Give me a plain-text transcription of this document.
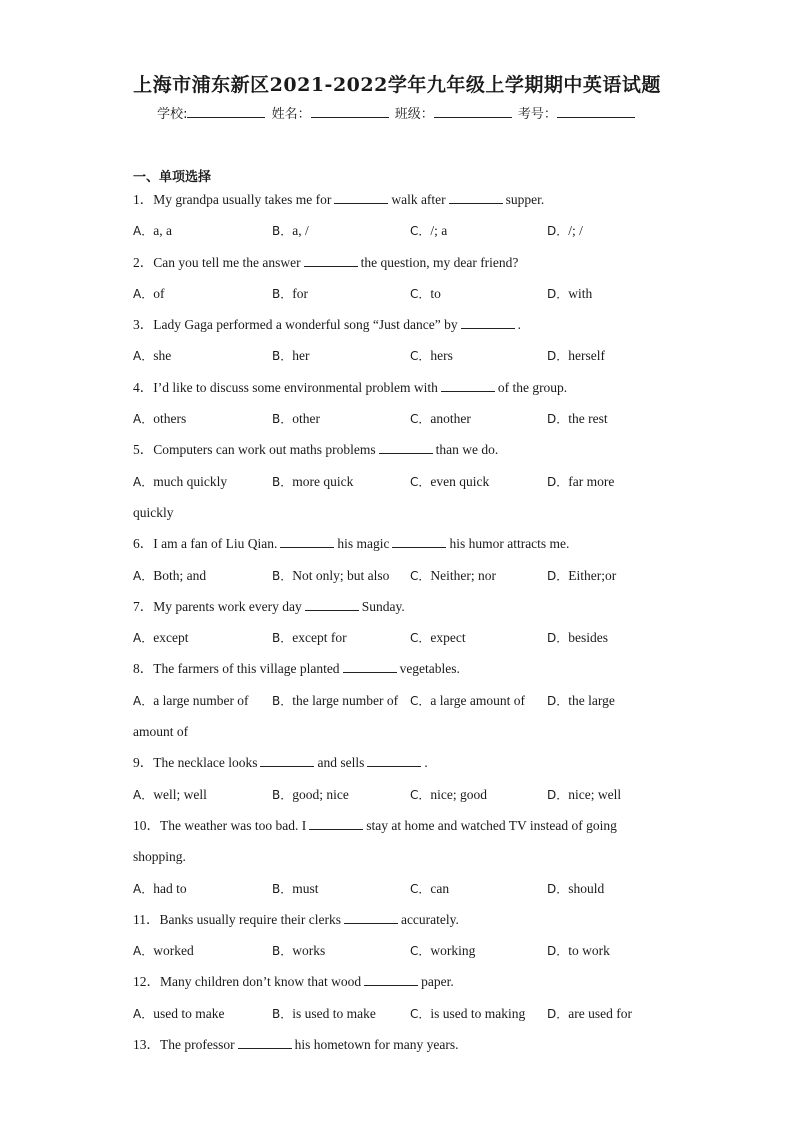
上海市浦东新区2021-2022学年九年级上学期期中英语试题
学校:	姓名：	班级：	考号：
一、单项选择
1．My grandpa usually takes me for	walk after	supper.
A．a, a	B．a, /	C．/; a	D．/; /
2．Can you tell me the answer	the question, my dear friend?
A．of	B．for	C．to	D．with
3．Lady Gaga performed a wonderful song “Just dance” by	.
A．she	B．her	C．hers	D．herself
4．I’d like to discuss some environmental problem with	of the group.
A．others	B．other	C．another	D．the rest
5．Computers can work out maths problems	than we do.
A．much quickly	B．more quick	C．even quick	D．far more
quickly
6．I am a fan of Liu Qian.	his magic	his humor attracts me.
A．Both; and	B．Not only; but also C．Neither; nor	D．Either;or
7．My parents work every day	Sunday.
A．except	B．except for	C．expect	D．besides
8．The farmers of this village planted	vegetables.
A．a large number of B．the large number of C．a large amount of D．the large
amount of
9．The necklace looks	and sells	.
A．well; well	B．good; nice	C．nice; good	D．nice; well
10．The weather was too bad. I	stay at home and watched TV instead of going
shopping.
A．had to	B．must	C．can	D．should
11．Banks usually require their clerks	accurately.
A．worked	B．works	C．working	D．to work
12．Many children don’t know that wood	paper.
A．used to make	B．is used to make	C．is used to making D．are used for
13．The professor	his hometown for many years.
